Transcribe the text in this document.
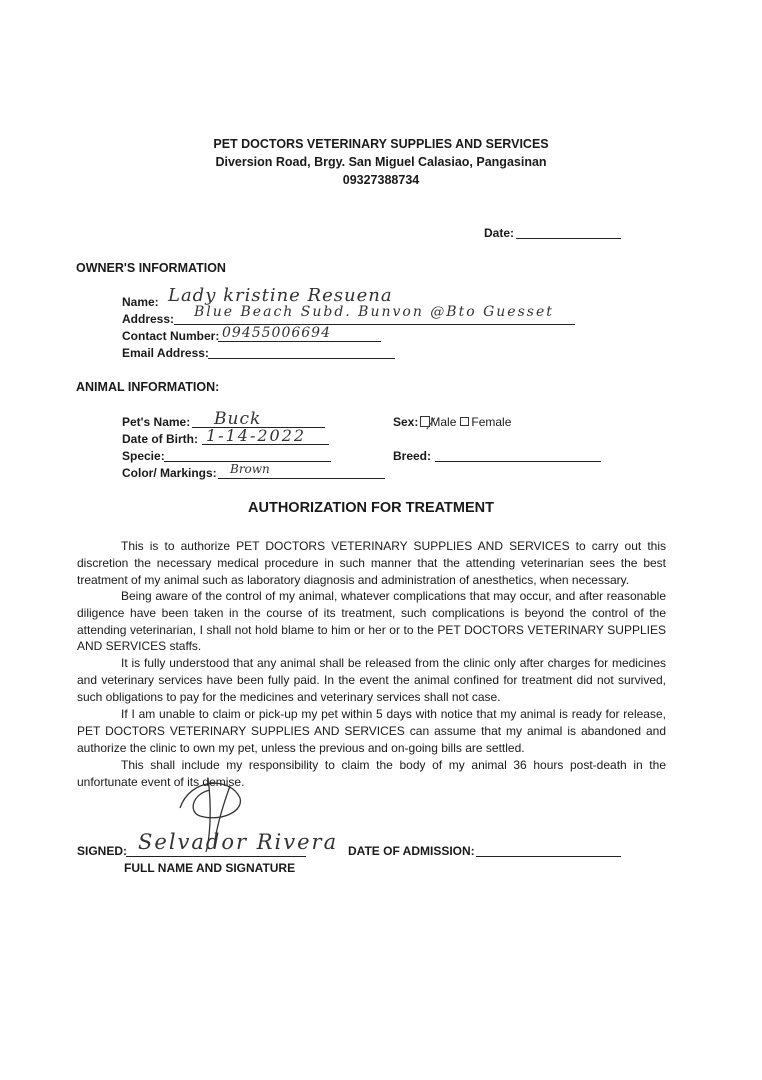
PET DOCTORS VETERINARY SUPPLIES AND SERVICES
Diversion Road, Brgy. San Miguel Calasiao, Pangasinan
09327388734
Date:
OWNER'S INFORMATION
Name: Lady kristine Resuena
Address: Blue Beach Subd. Bunvon @Bto Guesset
Contact Number: 09455006694
Email Address:
ANIMAL INFORMATION:
Pet's Name: Buck
Date of Birth: 1-14-2022
Specie:
Color/ Markings: Brown
Sex: Male Female
Breed:
AUTHORIZATION FOR TREATMENT

This is to authorize PET DOCTORS VETERINARY SUPPLIES AND SERVICES to carry out this discretion the necessary medical procedure in such manner that the attending veterinarian sees the best treatment of my animal such as laboratory diagnosis and administration of anesthetics, when necessary.

Being aware of the control of my animal, whatever complications that may occur, and after reasonable diligence have been taken in the course of its treatment, such complications is beyond the control of the attending veterinarian, I shall not hold blame to him or her or to the PET DOCTORS VETERINARY SUPPLIES AND SERVICES staffs.

It is fully understood that any animal shall be released from the clinic only after charges for medicines and veterinary services have been fully paid. In the event the animal confined for treatment did not survived, such obligations to pay for the medicines and veterinary services shall not case.

If I am unable to claim or pick-up my pet within 5 days with notice that my animal is ready for release, PET DOCTORS VETERINARY SUPPLIES AND SERVICES can assume that my animal is abandoned and authorize the clinic to own my pet, unless the previous and on-going bills are settled.

This shall include my responsibility to claim the body of my animal 36 hours post-death in the unfortunate event of its demise.

SIGNED: Selvador Rivera
FULL NAME AND SIGNATURE
DATE OF ADMISSION:
